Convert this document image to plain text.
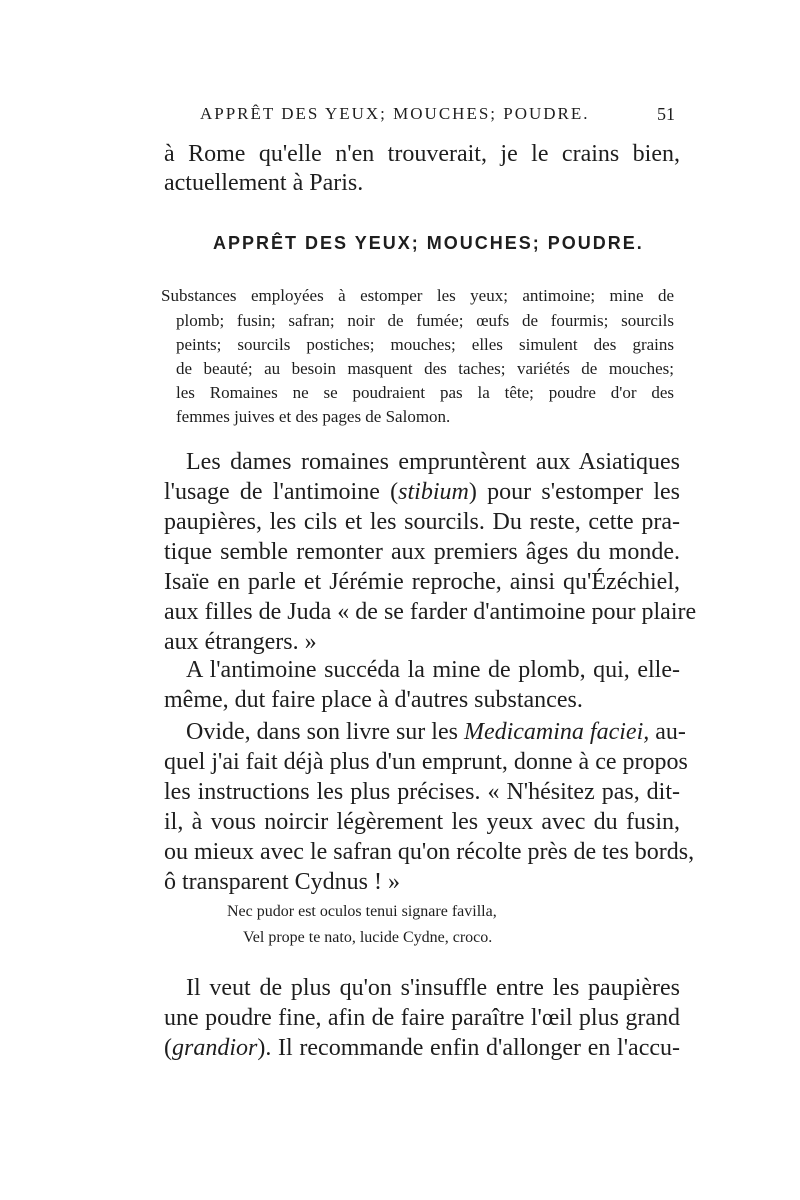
APPRÊT DES YEUX; MOUCHES; POUDRE.	51
à Rome qu'elle n'en trouverait, je le crains bien,
actuellement à Paris.
APPRÊT DES YEUX; MOUCHES; POUDRE.
Substances employées à estomper les yeux; antimoine; mine de
plomb; fusin; safran; noir de fumée; œufs de fourmis; sourcils
peints; sourcils postiches; mouches; elles simulent des grains
de beauté; au besoin masquent des taches; variétés de mouches;
les Romaines ne se poudraient pas la tête; poudre d'or des
femmes juives et des pages de Salomon.
Les dames romaines empruntèrent aux Asiatiques
l'usage de l'antimoine (stibium) pour s'estomper les
paupières, les cils et les sourcils. Du reste, cette pra-
tique semble remonter aux premiers âges du monde.
Isaïe en parle et Jérémie reproche, ainsi qu'Ézéchiel,
aux filles de Juda « de se farder d'antimoine pour plaire
aux étrangers. »
A l'antimoine succéda la mine de plomb, qui, elle-
même, dut faire place à d'autres substances.
Ovide, dans son livre sur les Medicamina faciei, au-
quel j'ai fait déjà plus d'un emprunt, donne à ce propos
les instructions les plus précises. « N'hésitez pas, dit-
il, à vous noircir légèrement les yeux avec du fusin,
ou mieux avec le safran qu'on récolte près de tes bords,
ô transparent Cydnus ! »
Nec pudor est oculos tenui signare favilla,
Vel prope te nato, lucide Cydne, croco.
Il veut de plus qu'on s'insuffle entre les paupières
une poudre fine, afin de faire paraître l'œil plus grand
(grandior). Il recommande enfin d'allonger en l'accu-
